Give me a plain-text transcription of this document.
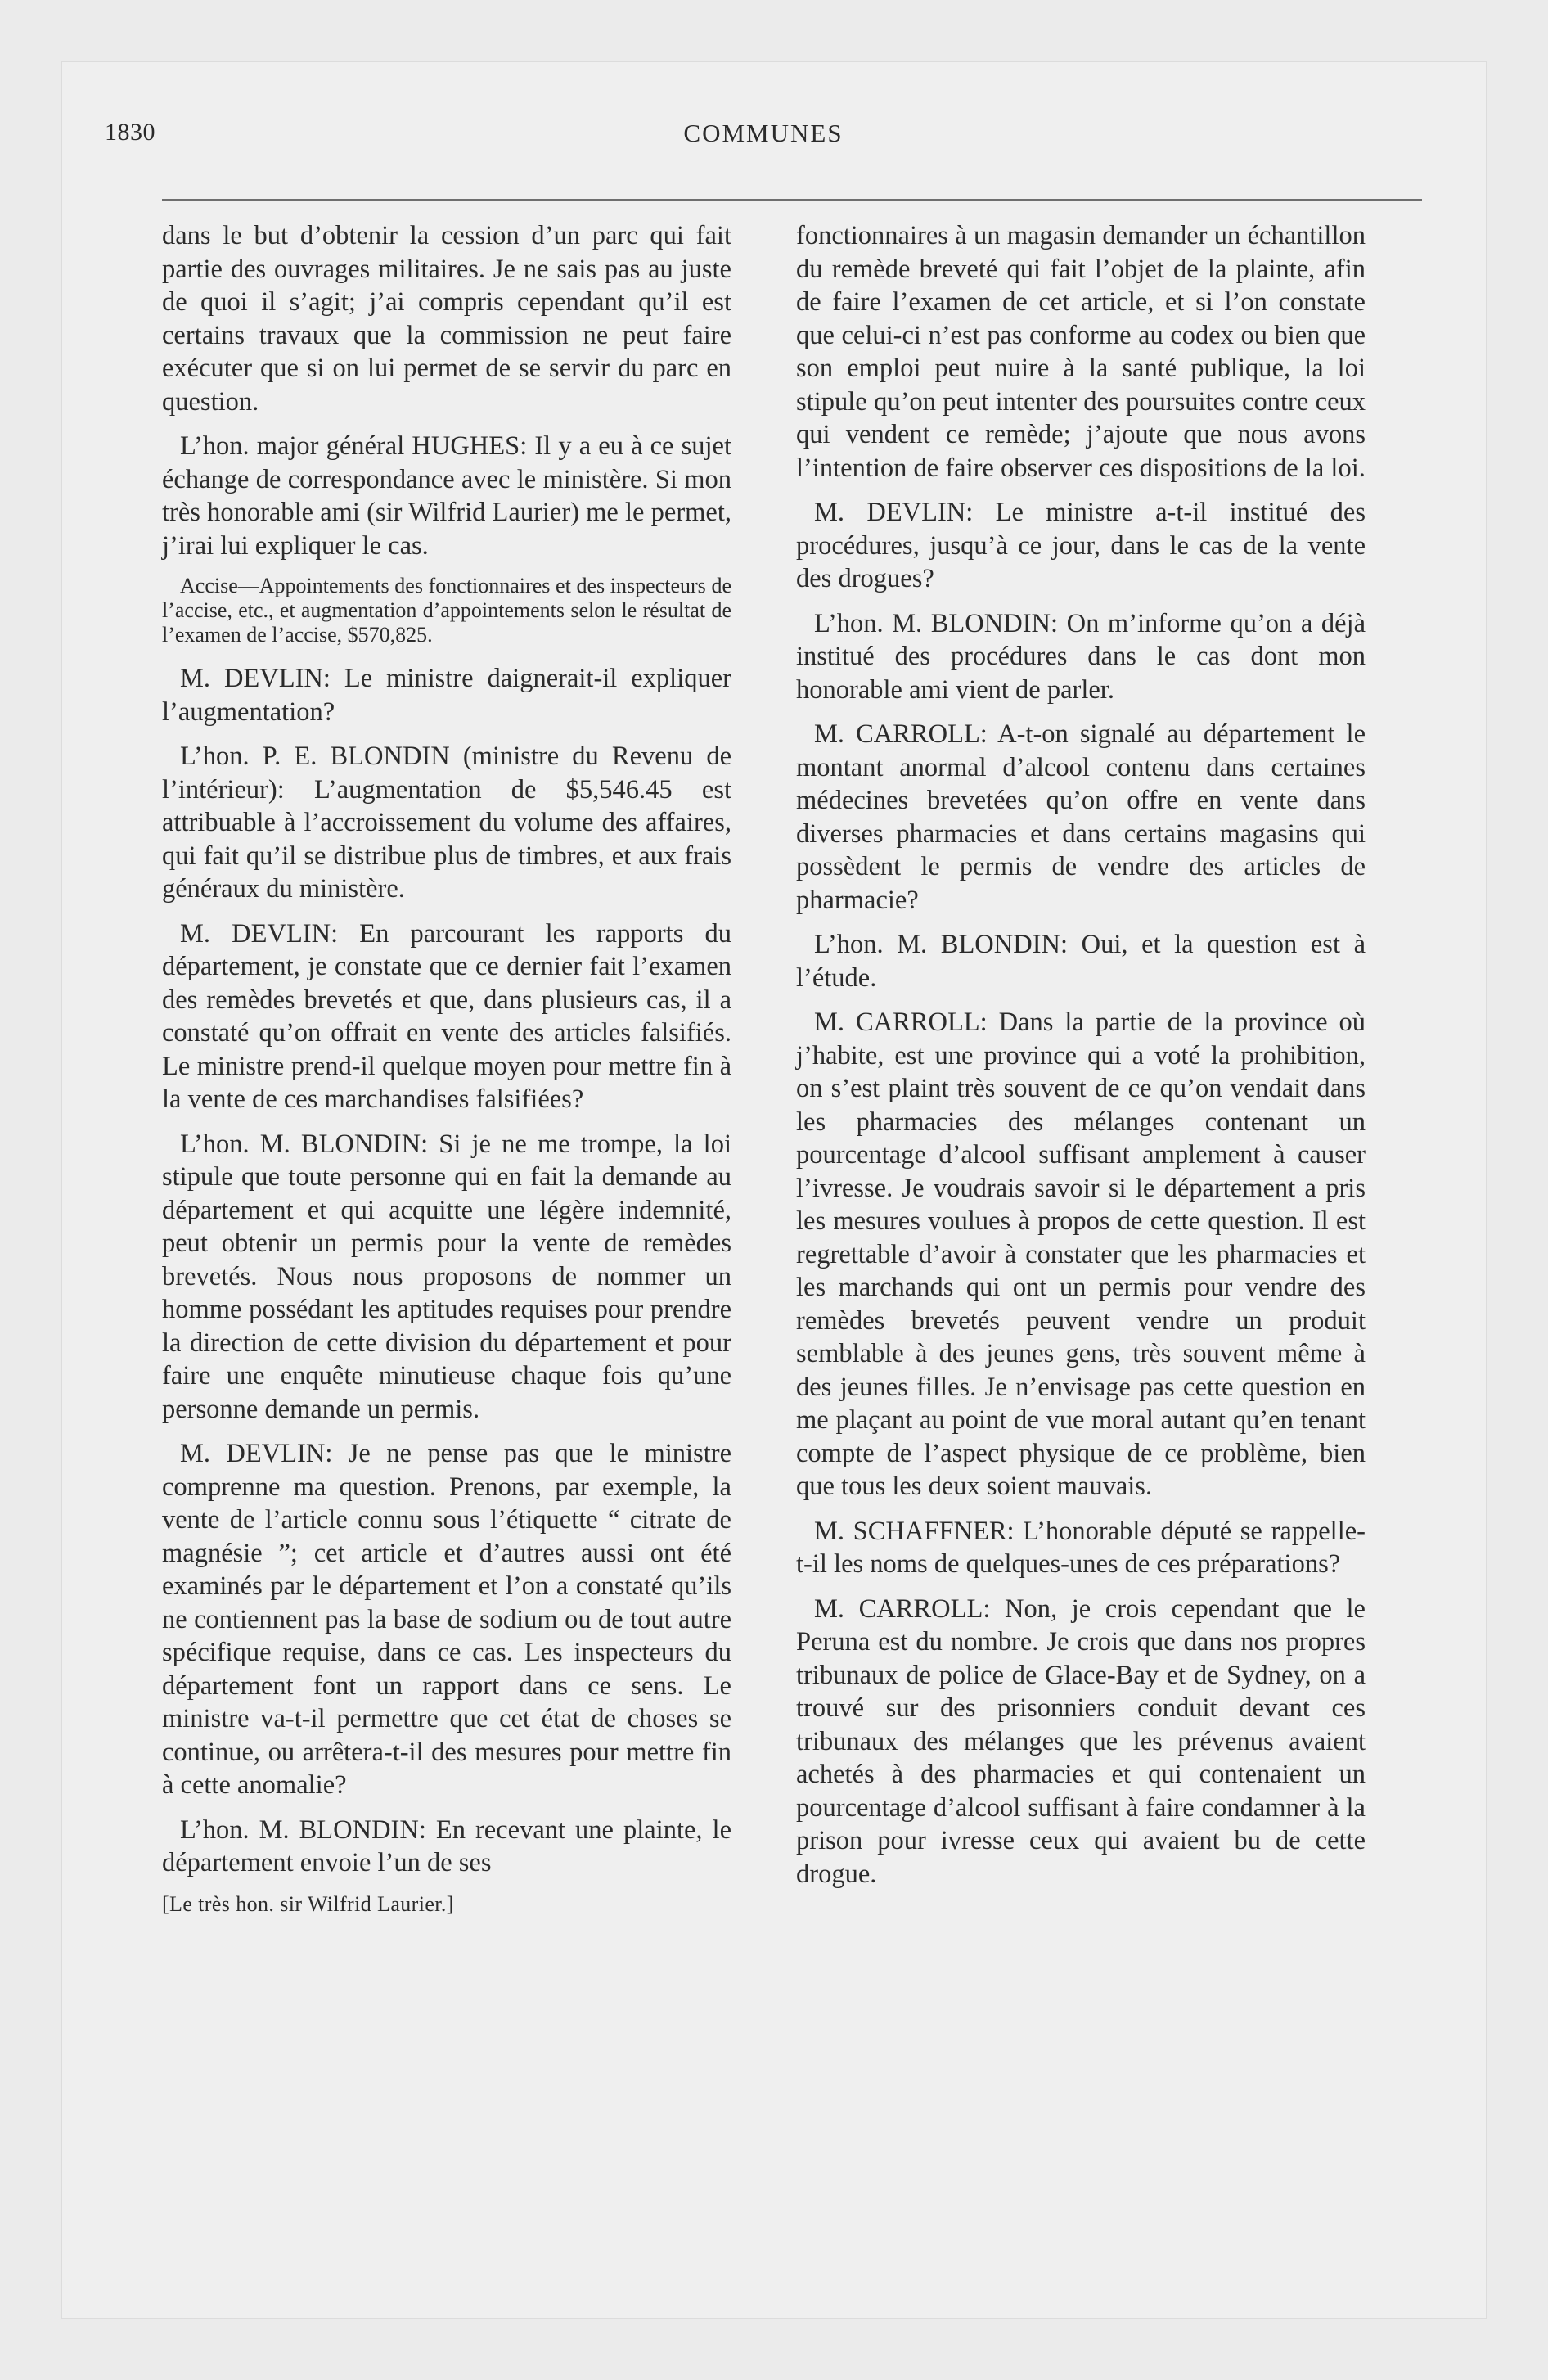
1830	COMMUNES

dans le but d’obtenir la cession d’un parc qui fait partie des ouvrages militaires. Je ne sais pas au juste de quoi il s’agit; j’ai compris cependant qu’il est certains travaux que la commission ne peut faire exécuter que si on lui permet de se servir du parc en question.

L’hon. major général HUGHES: Il y a eu à ce sujet échange de correspondance avec le ministère. Si mon très honorable ami (sir Wilfrid Laurier) me le permet, j’irai lui expliquer le cas.

Accise—Appointements des fonctionnaires et des inspecteurs de l’accise, etc., et augmentation d’appointements selon le résultat de l’examen de l’accise, $570,825.

M. DEVLIN: Le ministre daignerait-il expliquer l’augmentation?

L’hon. P. E. BLONDIN (ministre du Revenu de l’intérieur): L’augmentation de $5,546.45 est attribuable à l’accroissement du volume des affaires, qui fait qu’il se distribue plus de timbres, et aux frais généraux du ministère.

M. DEVLIN: En parcourant les rapports du département, je constate que ce dernier fait l’examen des remèdes brevetés et que, dans plusieurs cas, il a constaté qu’on offrait en vente des articles falsifiés. Le ministre prend-il quelque moyen pour mettre fin à la vente de ces marchandises falsifiées?

L’hon. M. BLONDIN: Si je ne me trompe, la loi stipule que toute personne qui en fait la demande au département et qui acquitte une légère indemnité, peut obtenir un permis pour la vente de remèdes brevetés. Nous nous proposons de nommer un homme possédant les aptitudes requises pour prendre la direction de cette division du département et pour faire une enquête minutieuse chaque fois qu’une personne demande un permis.

M. DEVLIN: Je ne pense pas que le ministre comprenne ma question. Prenons, par exemple, la vente de l’article connu sous l’étiquette “ citrate de magnésie ”; cet article et d’autres aussi ont été examinés par le département et l’on a constaté qu’ils ne contiennent pas la base de sodium ou de tout autre spécifique requise, dans ce cas. Les inspecteurs du département font un rapport dans ce sens. Le ministre va-t-il permettre que cet état de choses se continue, ou arrêtera-t-il des mesures pour mettre fin à cette anomalie?

L’hon. M. BLONDIN: En recevant une plainte, le département envoie l’un de ses

[Le très hon. sir Wilfrid Laurier.]

fonctionnaires à un magasin demander un échantillon du remède breveté qui fait l’objet de la plainte, afin de faire l’examen de cet article, et si l’on constate que celui-ci n’est pas conforme au codex ou bien que son emploi peut nuire à la santé publique, la loi stipule qu’on peut intenter des poursuites contre ceux qui vendent ce remède; j’ajoute que nous avons l’intention de faire observer ces dispositions de la loi.

M. DEVLIN: Le ministre a-t-il institué des procédures, jusqu’à ce jour, dans le cas de la vente des drogues?

L’hon. M. BLONDIN: On m’informe qu’on a déjà institué des procédures dans le cas dont mon honorable ami vient de parler.

M. CARROLL: A-t-on signalé au département le montant anormal d’alcool contenu dans certaines médecines brevetées qu’on offre en vente dans diverses pharmacies et dans certains magasins qui possèdent le permis de vendre des articles de pharmacie?

L’hon. M. BLONDIN: Oui, et la question est à l’étude.

M. CARROLL: Dans la partie de la province où j’habite, est une province qui a voté la prohibition, on s’est plaint très souvent de ce qu’on vendait dans les pharmacies des mélanges contenant un pourcentage d’alcool suffisant amplement à causer l’ivresse. Je voudrais savoir si le département a pris les mesures voulues à propos de cette question. Il est regrettable d’avoir à constater que les pharmacies et les marchands qui ont un permis pour vendre des remèdes brevetés peuvent vendre un produit semblable à des jeunes gens, très souvent même à des jeunes filles. Je n’envisage pas cette question en me plaçant au point de vue moral autant qu’en tenant compte de l’aspect physique de ce problème, bien que tous les deux soient mauvais.

M. SCHAFFNER: L’honorable député se rappelle-t-il les noms de quelques-unes de ces préparations?

M. CARROLL: Non, je crois cependant que le Peruna est du nombre. Je crois que dans nos propres tribunaux de police de Glace-Bay et de Sydney, on a trouvé sur des prisonniers conduit devant ces tribunaux des mélanges que les prévenus avaient achetés à des pharmacies et qui contenaient un pourcentage d’alcool suffisant à faire condamner à la prison pour ivresse ceux qui avaient bu de cette drogue.
